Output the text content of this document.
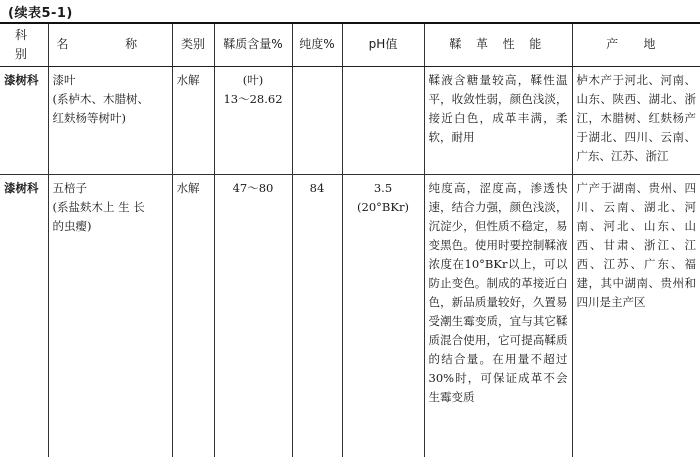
(续表5-1)
科 别	名 称	类别	鞣质含量%	纯度%	pH值	鞣 革 性 能	产 地
漆树科	漆叶
(系栌木、木腊树、
红麸杨等树叶)	水解	(叶)
13～28.62			鞣液含糖量较高，鞣性温平，收敛性弱，颜色浅淡，接近白色，成革丰满，柔软，耐用	栌木产于河北、河南、山东、陕西、湖北、浙江，木腊树、红麸杨产于湖北、四川、云南、广东、江苏、浙江
漆树科	五棓子
(系盐麸木上 生 长
的虫瘿)	水解	47～80	84	3.5
(20°BKr)	纯度高，涩度高，渗透快速，结合力强，颜色浅淡，沉淀少，但性质不稳定，易变黑色。使用时要控制鞣液浓度在10°BKr以上，可以防止变色。制成的革接近白色，新品质量较好，久置易受潮生霉变质，宜与其它鞣质混合使用，它可提高鞣质的结合量。在用量不超过30%时，可保证成革不会生霉变质	广产于湖南、贵州、四川、云南、湖北、河南、河北、山东、山西、甘肃、浙江、江西、江苏、广东、福建，其中湖南、贵州和四川是主产区
